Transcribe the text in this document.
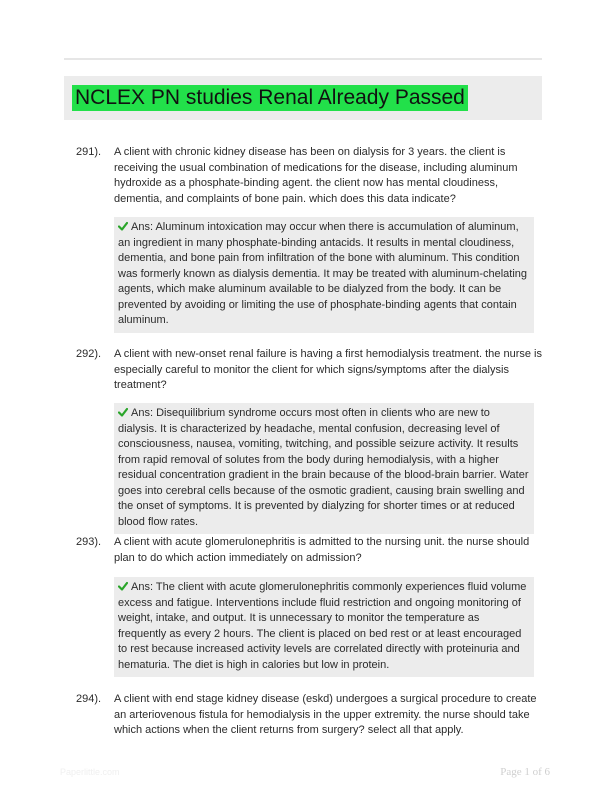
NCLEX PN studies Renal Already Passed
291). A client with chronic kidney disease has been on dialysis for 3 years. the client is receiving the usual combination of medications for the disease, including aluminum hydroxide as a phosphate-binding agent. the client now has mental cloudiness, dementia, and complaints of bone pain. which does this data indicate?
Ans: Aluminum intoxication may occur when there is accumulation of aluminum, an ingredient in many phosphate-binding antacids. It results in mental cloudiness, dementia, and bone pain from infiltration of the bone with aluminum. This condition was formerly known as dialysis dementia. It may be treated with aluminum-chelating agents, which make aluminum available to be dialyzed from the body. It can be prevented by avoiding or limiting the use of phosphate-binding agents that contain aluminum.
292). A client with new-onset renal failure is having a first hemodialysis treatment. the nurse is especially careful to monitor the client for which signs/symptoms after the dialysis treatment?
Ans: Disequilibrium syndrome occurs most often in clients who are new to dialysis. It is characterized by headache, mental confusion, decreasing level of consciousness, nausea, vomiting, twitching, and possible seizure activity. It results from rapid removal of solutes from the body during hemodialysis, with a higher residual concentration gradient in the brain because of the blood-brain barrier. Water goes into cerebral cells because of the osmotic gradient, causing brain swelling and the onset of symptoms. It is prevented by dialyzing for shorter times or at reduced blood flow rates.
293). A client with acute glomerulonephritis is admitted to the nursing unit. the nurse should plan to do which action immediately on admission?
Ans: The client with acute glomerulonephritis commonly experiences fluid volume excess and fatigue. Interventions include fluid restriction and ongoing monitoring of weight, intake, and output. It is unnecessary to monitor the temperature as frequently as every 2 hours. The client is placed on bed rest or at least encouraged to rest because increased activity levels are correlated directly with proteinuria and hematuria. The diet is high in calories but low in protein.
294). A client with end stage kidney disease (eskd) undergoes a surgical procedure to create an arteriovenous fistula for hemodialysis in the upper extremity. the nurse should take which actions when the client returns from surgery? select all that apply.
Paperlittle.com	Page 1 of 6
